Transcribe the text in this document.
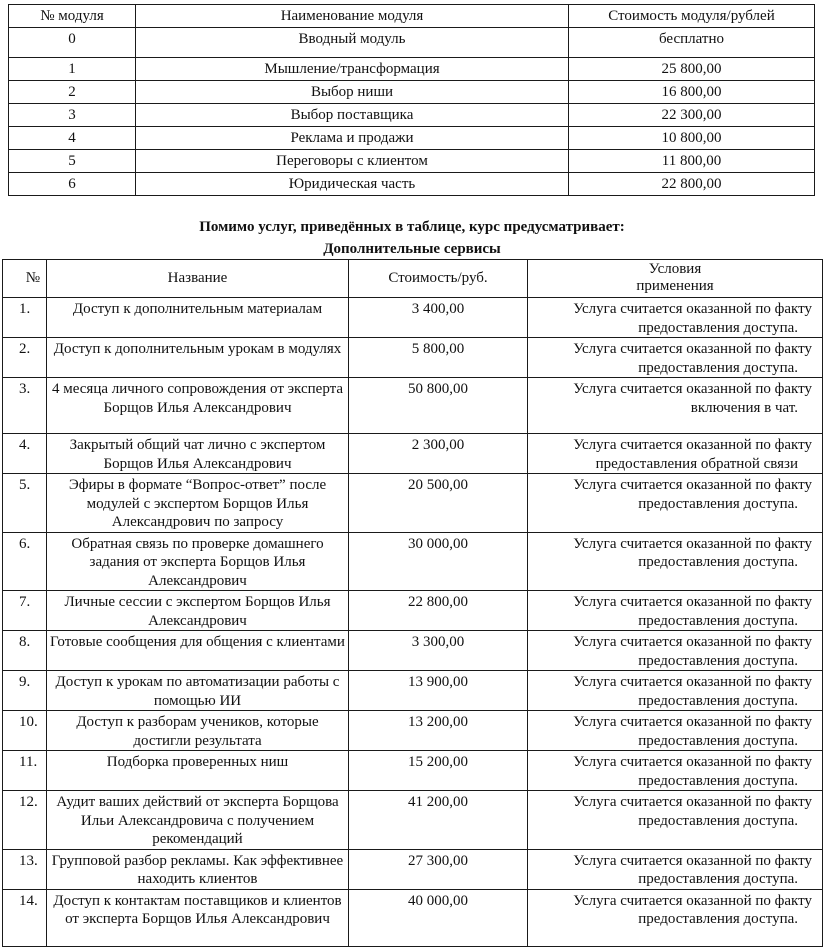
№ модуля	Наименование модуля	Стоимость модуля/рублей
0	Вводный модуль	бесплатно
1	Мышление/трансформация	25 800,00
2	Выбор ниши	16 800,00
3	Выбор поставщика	22 300,00
4	Реклама и продажи	10 800,00
5	Переговоры с клиентом	11 800,00
6	Юридическая часть	22 800,00
Помимо услуг, приведённых в таблице, курс предусматривает:
Дополнительные сервисы
№	Название	Стоимость/руб.	Условия
применения

1.	Доступ к дополнительным материалам	3 400,00	Услуга считается оказанной по факту
предоставления доступа.

2.	Доступ к дополнительным урокам в модулях	5 800,00	Услуга считается оказанной по факту
предоставления доступа.

3.	4 месяца личного сопровождения от эксперта Борщов Илья Александрович	50 800,00	Услуга считается оказанной по факту
включения в чат.

4.	Закрытый общий чат лично с экспертом Борщов Илья Александрович	2 300,00	Услуга считается оказанной по факту
предоставления обратной связи

5.	Эфиры в формате “Вопрос-ответ” после модулей с экспертом Борщов Илья Александрович по запросу	20 500,00	Услуга считается оказанной по факту
предоставления доступа.

6.	Обратная связь по проверке домашнего задания от эксперта Борщов Илья Александрович	30 000,00	Услуга считается оказанной по факту
предоставления доступа.

7.	Личные сессии с экспертом Борщов Илья Александрович	22 800,00	Услуга считается оказанной по факту
предоставления доступа.

8.	Готовые сообщения для общения с клиентами	3 300,00	Услуга считается оказанной по факту
предоставления доступа.

9.	Доступ к урокам по автоматизации работы с помощью ИИ	13 900,00	Услуга считается оказанной по факту
предоставления доступа.

10.	Доступ к разборам учеников, которые достигли результата	13 200,00	Услуга считается оказанной по факту
предоставления доступа.

11.	Подборка проверенных ниш	15 200,00	Услуга считается оказанной по факту
предоставления доступа.

12.	Аудит ваших действий от эксперта Борщова Ильи Александровича с получением рекомендаций	41 200,00	Услуга считается оказанной по факту
предоставления доступа.

13.	Групповой разбор рекламы. Как эффективнее находить клиентов	27 300,00	Услуга считается оказанной по факту
предоставления доступа.

14.	Доступ к контактам поставщиков и клиентов от эксперта Борщов Илья Александрович	40 000,00	Услуга считается оказанной по факту
предоставления доступа.
